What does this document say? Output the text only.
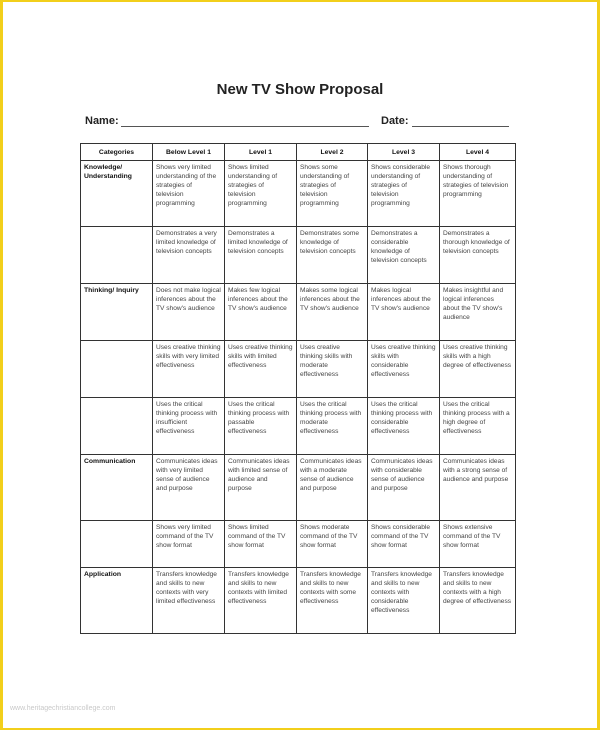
New TV Show Proposal
Name:	Date:
Categories	Below Level 1	Level 1	Level 2	Level 3	Level 4
Knowledge/ Understanding	Shows very limited understanding of the strategies of television programming	Shows limited understanding of strategies of television programming	Shows some understanding of strategies of television programming	Shows considerable understanding of strategies of television programming	Shows thorough understanding of strategies of television programming
	Demonstrates a very limited knowledge of television concepts	Demonstrates a limited knowledge of television concepts	Demonstrates some knowledge of television concepts	Demonstrates a considerable knowledge of television concepts	Demonstrates a thorough knowledge of television concepts
Thinking/ Inquiry	Does not make logical inferences about the TV show's audience	Makes few logical inferences about the TV show's audience	Makes some logical inferences about the TV show's audience	Makes logical inferences about the TV show's audience	Makes insightful and logical inferences about the TV show's audience
	Uses creative thinking skills with very limited effectiveness	Uses creative thinking skills with limited effectiveness	Uses creative thinking skills with moderate effectiveness	Uses creative thinking skills with considerable effectiveness	Uses creative thinking skills with a high degree of effectiveness
	Uses the critical thinking process with insufficient effectiveness	Uses the critical thinking process with passable effectiveness	Uses the critical thinking process with moderate effectiveness	Uses the critical thinking process with considerable effectiveness	Uses the critical thinking process with a high degree of effectiveness
Communication	Communicates ideas with very limited sense of audience and purpose	Communicates ideas with limited sense of audience and purpose	Communicates ideas with a moderate sense of audience and purpose	Communicates ideas with considerable sense of audience and purpose	Communicates ideas with a strong sense of audience and purpose
	Shows very limited command of the TV show format	Shows limited command of the TV show format	Shows moderate command of the TV show format	Shows considerable command of the TV show format	Shows extensive command of the TV show format
Application	Transfers knowledge and skills to new contexts with very limited effectiveness	Transfers knowledge and skills to new contexts with limited effectiveness	Transfers knowledge and skills to new contexts with some effectiveness	Transfers knowledge and skills to new contexts with considerable effectiveness	Transfers knowledge and skills to new contexts with a high degree of effectiveness
www.heritagechristiancollege.com
